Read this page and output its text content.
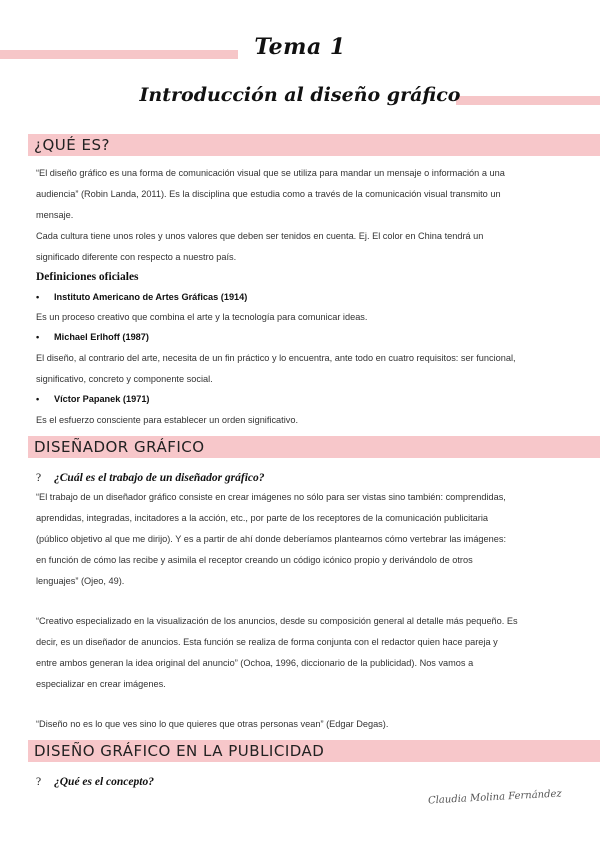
Tema 1
Introducción al diseño gráfico
¿QUÉ ES?

“El diseño gráfico es una forma de comunicación visual que se utiliza para mandar un mensaje o información a una

audiencia” (Robin Landa, 2011). Es la disciplina que estudia como a través de la comunicación visual transmito un

mensaje.

Cada cultura tiene unos roles y unos valores que deben ser tenidos en cuenta. Ej. El color en China tendrá un

significado diferente con respecto a nuestro país.

Definiciones oficiales
• Instituto Americano de Artes Gráficas (1914)

Es un proceso creativo que combina el arte y la tecnología para comunicar ideas.

• Michael Erlhoff (1987)

El diseño, al contrario del arte, necesita de un fin práctico y lo encuentra, ante todo en cuatro requisitos: ser funcional,

significativo, concreto y componente social.

• Víctor Papanek (1971)

Es el esfuerzo consciente para establecer un orden significativo.

DISEÑADOR GRÁFICO
? ¿Cuál es el trabajo de un diseñador gráfico?

“El trabajo de un diseñador gráfico consiste en crear imágenes no sólo para ser vistas sino también: comprendidas,

aprendidas, integradas, incitadores a la acción, etc., por parte de los receptores de la comunicación publicitaria

(público objetivo al que me dirijo). Y es a partir de ahí donde deberíamos plantearnos cómo vertebrar las imágenes:

en función de cómo las recibe y asimila el receptor creando un código icónico propio y derivándolo de otros

lenguajes” (Ojeo, 49).

“Creativo especializado en la visualización de los anuncios, desde su composición general al detalle más pequeño. Es

decir, es un diseñador de anuncios. Esta función se realiza de forma conjunta con el redactor quien hace pareja y

entre ambos generan la idea original del anuncio” (Ochoa, 1996, diccionario de la publicidad). Nos vamos a

especializar en crear imágenes.

“Diseño no es lo que ves sino lo que quieres que otras personas vean” (Edgar Degas).

DISEÑO GRÁFICO EN LA PUBLICIDAD
? ¿Qué es el concepto?
Claudia Molina Fernández
